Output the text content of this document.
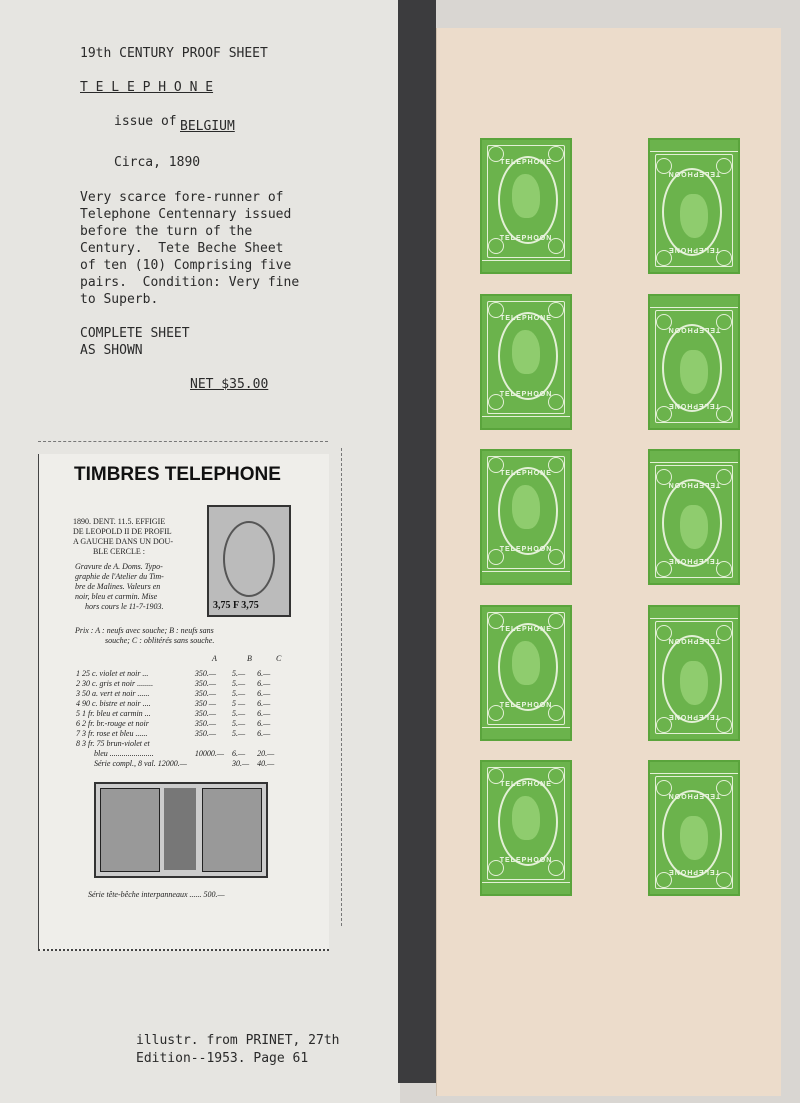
19th CENTURY PROOF SHEET
T E L E P H O N E
issue of BELGIUM
Circa, 1890
Very scarce fore-runner of
Telephone Centennary issued
before the turn of the
Century.  Tete Beche Sheet
of ten (10) Comprising five
pairs.  Condition: Very fine
to Superb.
COMPLETE SHEET
AS SHOWN
NET $35.00
illustr. from PRINET, 27th
Edition--1953. Page 61
TIMBRES TELEPHONE
1890. DENT. 11.5. EFFIGIE
DE LEOPOLD II DE PROFIL
A GAUCHE DANS UN DOU-
BLE CERCLE :
Gravure de A. Doms. Typo-
graphie de l'Atelier du Tim-
bre de Malines. Valeurs en
noir, bleu et carmin. Mise
hors cours le 11-7-1903.	3,75 F 3,75
Prix : A : neufs avec souche; B : neufs sans
souche; C : oblitérés sans souche.
A	B	C
1 25 c. violet et noir ...	350.—	5.—	6.—
2 30 c. gris et noir ........	350.—	5.—	6.—
3 50 a. vert et noir ......	350.—	5.—	6.—
4 90 c. bistre et noir ....	350 —	5 —	6.—
5 1 fr. bleu et carmin ...	350.—	5.—	6.—
6 2 fr. br.-rouge et noir	350.—	5.—	6.—
7 3 fr. rose et bleu ......	350.—	5.—	6.—
8 3 fr. 75 brun-violet et			
bleu ......................	10000.—	6.—	20.—
Série compl., 8 val. 12000.—		30.—	40.—
Série tête-bêche interpanneaux ...... 500.—
TELEPHONE
TELEPHOON
TELEPHONE
TELEPHOON
TELEPHONE
TELEPHOON
TELEPHONE
TELEPHOON
TELEPHONE
TELEPHOON
TELEPHONE
TELEPHOON
TELEPHONE
TELEPHOON
TELEPHONE
TELEPHOON
TELEPHONE
TELEPHOON
TELEPHONE
TELEPHOON
